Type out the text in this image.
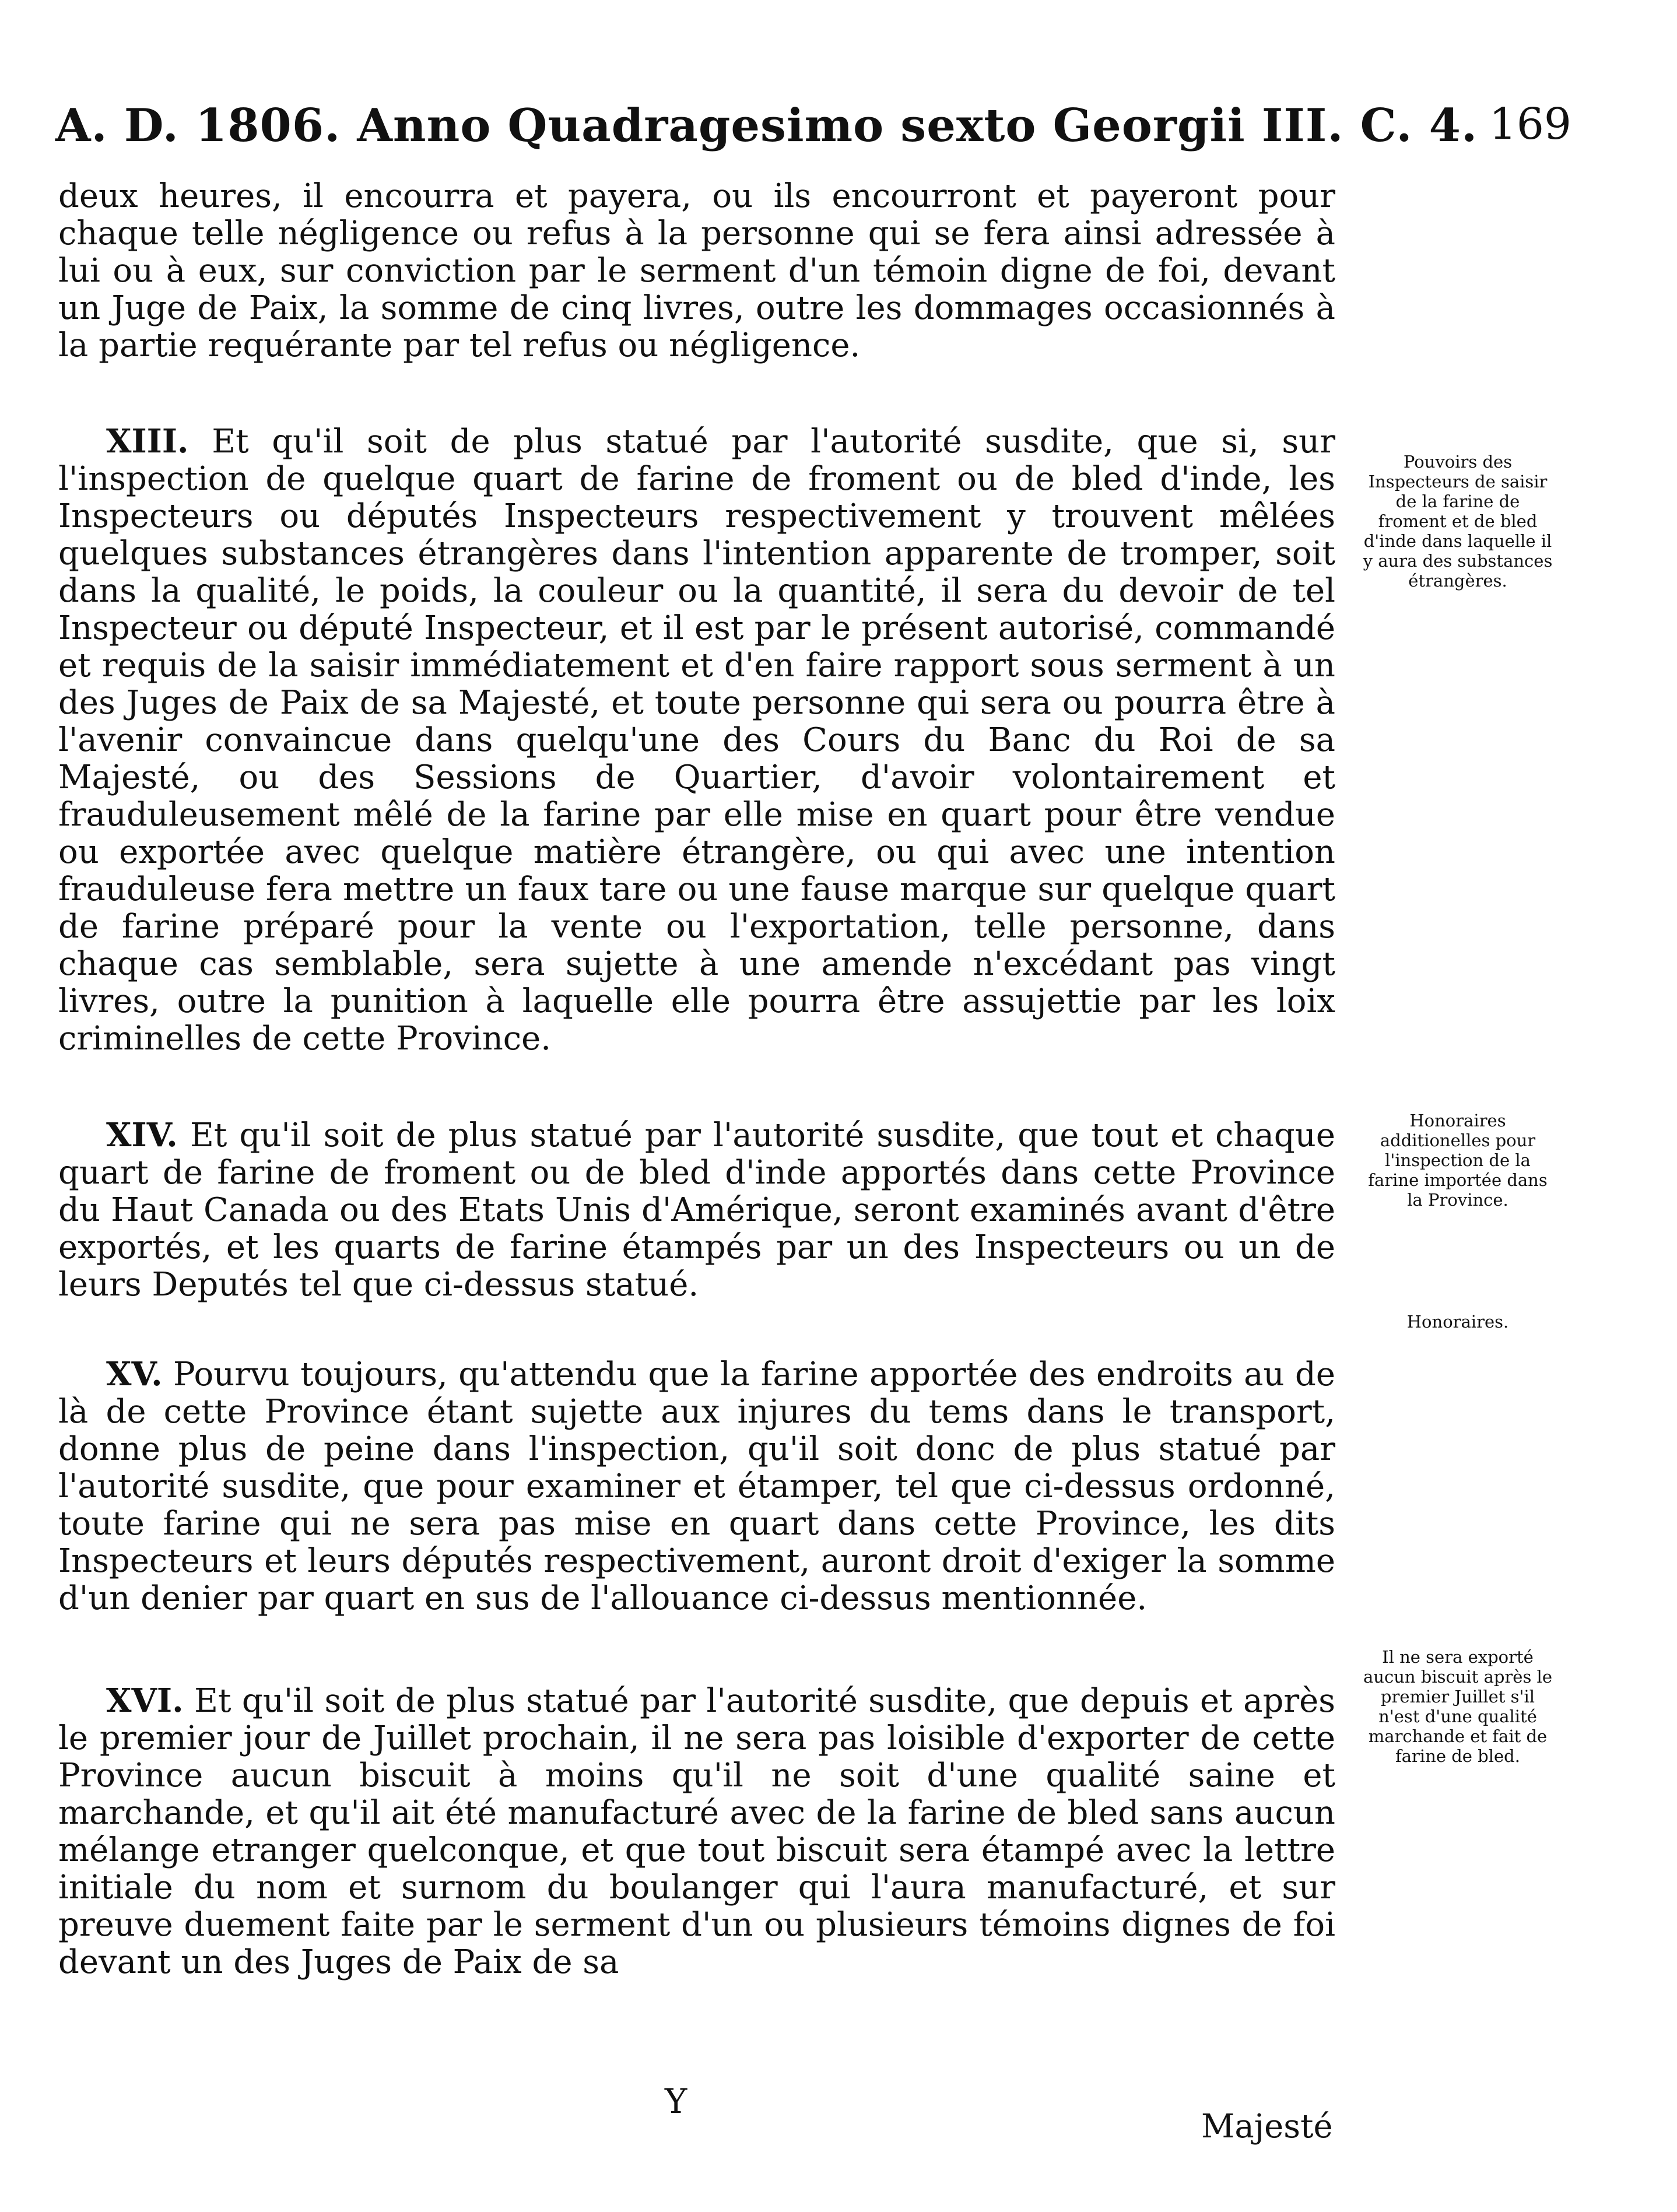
A. D. 1806. Anno Quadragesimo sexto Georgii III. C. 4. 169

deux heures, il encourra et payera, ou ils encourront et payeront pour chaque telle négligence ou refus à la personne qui se fera ainsi adressée à lui ou à eux, sur conviction par le serment d'un témoin digne de foi, devant un Juge de Paix, la somme de cinq livres, outre les dommages occasionnés à la partie requérante par tel refus ou négligence.

XIII. Et qu'il soit de plus statué par l'autorité susdite, que si, sur l'inspection de quelque quart de farine de froment ou de bled d'inde, les Inspecteurs ou députés Inspecteurs respectivement y trouvent mêlées quelques substances étrangères dans l'intention apparente de tromper, soit dans la qualité, le poids, la couleur ou la quantité, il sera du devoir de tel Inspecteur ou député Inspecteur, et il est par le présent autorisé, commandé et requis de la saisir immédiatement et d'en faire rapport sous serment à un des Juges de Paix de sa Majesté, et toute personne qui sera ou pourra être à l'avenir convaincue dans quelqu'une des Cours du Banc du Roi de sa Majesté, ou des Sessions de Quartier, d'avoir volontairement et frauduleusement mêlé de la farine par elle mise en quart pour être vendue ou exportée avec quelque matière étrangère, ou qui avec une intention frauduleuse fera mettre un faux tare ou une fause marque sur quelque quart de farine préparé pour la vente ou l'exportation, telle personne, dans chaque cas semblable, sera sujette à une amende n'excédant pas vingt livres, outre la punition à laquelle elle pourra être assujettie par les loix criminelles de cette Province.

XIV. Et qu'il soit de plus statué par l'autorité susdite, que tout et chaque quart de farine de froment ou de bled d'inde apportés dans cette Province du Haut Canada ou des Etats Unis d'Amérique, seront examinés avant d'être exportés, et les quarts de farine étampés par un des Inspecteurs ou un de leurs Deputés tel que ci-dessus statué.

XV. Pourvu toujours, qu'attendu que la farine apportée des endroits au de là de cette Province étant sujette aux injures du tems dans le transport, donne plus de peine dans l'inspection, qu'il soit donc de plus statué par l'autorité susdite, que pour examiner et étamper, tel que ci-dessus ordonné, toute farine qui ne sera pas mise en quart dans cette Province, les dits Inspecteurs et leurs députés respectivement, auront droit d'exiger la somme d'un denier par quart en sus de l'allouance ci-dessus mentionnée.

XVI. Et qu'il soit de plus statué par l'autorité susdite, que depuis et après le premier jour de Juillet prochain, il ne sera pas loisible d'exporter de cette Province aucun biscuit à moins qu'il ne soit d'une qualité saine et marchande, et qu'il ait été manufacturé avec de la farine de bled sans aucun mélange etranger quelconque, et que tout biscuit sera étampé avec la lettre initiale du nom et surnom du boulanger qui l'aura manufacturé, et sur preuve duement faite par le serment d'un ou plusieurs témoins dignes de foi devant un des Juges de Paix de sa

Pouvoirs des Inspecteurs de saisir de la farine de froment et de bled d'inde dans laquelle il y aura des substances étrangères.
Honoraires additionelles pour l'inspection de la farine importée dans la Province.
Honoraires.
Il ne sera exporté aucun biscuit après le premier Juillet s'il n'est d'une qualité marchande et fait de farine de bled.
Y
Majesté
